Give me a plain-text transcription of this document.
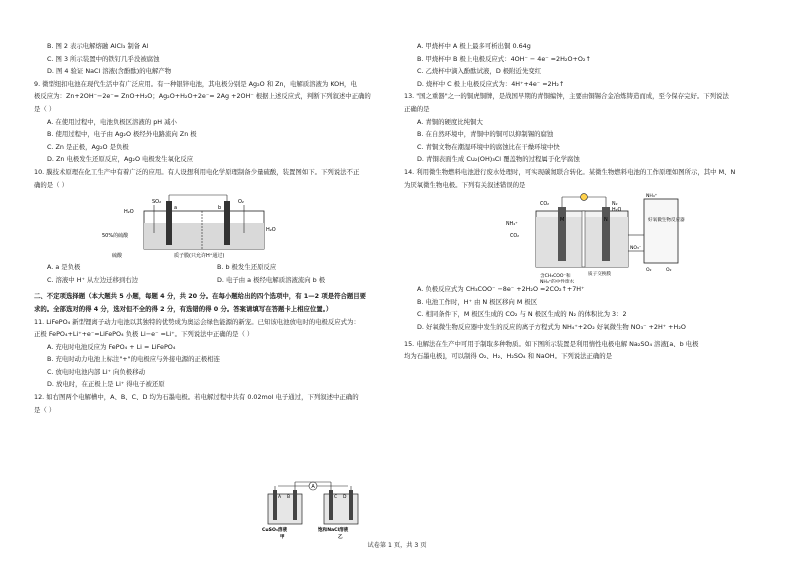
B. 图 2 表示电解熔融 AlCl₃ 制备 Al
C. 图 3 所示装置中的铁钉几乎没被腐蚀
D. 图 4 验证 NaCl 溶液(含酚酞)的电解产物
9. 微型纽扣电池在现代生活中有广泛应用。有一种银锌电池，其电极分别是 Ag₂O 和 Zn，电解质溶液为 KOH，电
极反应为：Zn+2OH⁻−2e⁻= ZnO+H₂O；Ag₂O+H₂O+2e⁻= 2Ag +2OH⁻ 根据上述反应式，判断下列叙述中正确的
是（ ）
A. 在使用过程中，电池负极区溶液的 pH 减小
B. 使用过程中，电子由 Ag₂O 极经外电路流向 Zn 极
C. Zn 是正极，Ag₂O 是负极
D. Zn 电极发生还原反应，Ag₂O 电极发生氧化反应
10. 膜技术原理在化工生产中有着广泛的应用。有人设想利用电化学原理制备少量硫酸，装置图如下。下列说法不正
确的是（ ）
SO₂	O₂
H₂O
a	b
50%的硫酸
H₂O
硫酸	质子膜(只允许H⁺通过)
A. a 是负极	B. b 极发生还原反应
C. 溶液中 H⁺ 从左边迁移到右边	D. 电子由 a 极经电解质溶液流向 b 极
二、不定项选择题（本大题共 5 小题，每题 4 分，共 20 分。在每小题给出的四个选项中，有 1—2 项是符合题目要
求的。全部选对的得 4 分，选对但不全的得 2 分，有选错的得 0 分。答案请填写在答题卡上相应位置。）
11. LiFePO₄ 新型锂离子动力电池以其独特的优势成为奥运会绿色能源的新宠。已知该电池放电时的电极反应式为：
正极 FePO₄+Li⁺+e⁻=LiFePO₄ 负极 Li−e⁻ =Li⁺。下列说法中正确的是（ ）
A. 充电时电池反应为 FePO₄ + Li = LiFePO₄
B. 充电时动力电池上标注"+"的电极应与外接电源的正极相连
C. 放电时电池内部 Li⁺ 向负极移动
D. 放电时，在正极上是 Li⁺ 得电子被还原
12. 如右图两个电解槽中，A、B、C、D 均为石墨电极。若电解过程中共有 0.02mol 电子通过，下列叙述中正确的
是（ ）
A
A B	C D
CuSO₄溶液
甲
饱和NaCl溶液
乙
A. 甲烧杯中 A 极上最多可析出铜 0.64g
B. 甲烧杯中 B 极上电极反应式：4OH⁻ − 4e⁻ =2H₂O+O₂↑
C. 乙烧杯中滴入酚酞试液，D 极附近先变红
D. 烧杯中 C 极上电极反应式为：4H⁺+4e⁻ =2H₂↑
13. "国之重器"之一的铜虎铜牌，是战国早期的青铜编钟，主要由铜锡合金冶炼铸造而成，至今保存完好。下列说法
正确的是
A. 青铜的硬度比纯铜大
B. 在自然环境中，青铜中的铜可以抑制锡的腐蚀
C. 青铜文物在潮湿环境中的腐蚀比在干燥环境中快
D. 青铜表面生成 Cu₂(OH)₃Cl 覆盖物的过程属于化学腐蚀
14. 利用微生物燃料电池进行废水处理时，可实现碳氮联合转化。某微生物燃料电池的工作原理如图所示，其中 M、N
为厌氧微生物电极。下列有关叙述错误的是
M	N
CO₂
NH₄⁺
N₂
H₂O
CO₂
含CH₃COO⁻和
NH₄⁺的中性废水
质子交换膜
NO₃⁻
好氧微生物反应器
NH₄⁺
O₂	O₂
A. 负极反应式为 CH₃COO⁻ −8e⁻ +2H₂O =2CO₂↑+7H⁺
B. 电池工作时，H⁺ 由 N 极区移向 M 极区
C. 相同条件下，M 极区生成的 CO₂ 与 N 极区生成的 N₂ 的体积比为 3：2
D. 好氧微生物反应器中发生的反应的离子方程式为 NH₄⁺+2O₂ 好氧微生物 NO₃⁻ +2H⁺ +H₂O
15. 电解法在生产中可用于制取多种物质。如下图所示装置是利用惰性电极电解 Na₂SO₄ 溶液[a、b 电极
均为石墨电极]，可以制得 O₂、H₂、H₂SO₄ 和 NaOH。下列说法正确的是
试卷第 1 页，共 3 页
